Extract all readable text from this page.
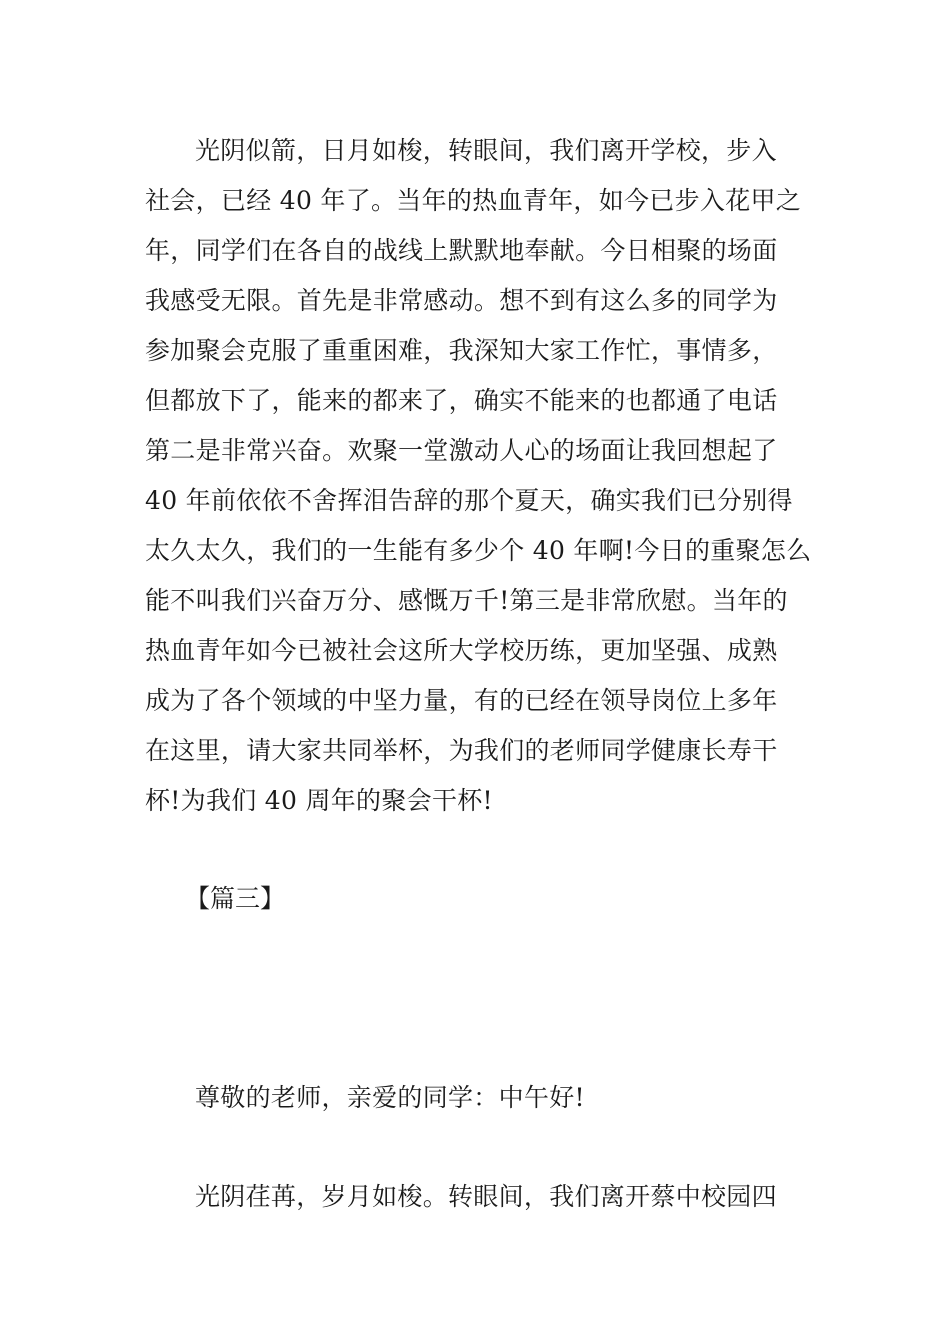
光阴似箭，日月如梭，转眼间，我们离开学校，步入
社会，已经 40 年了。当年的热血青年，如今已步入花甲之
年，同学们在各自的战线上默默地奉献。今日相聚的场面
我感受无限。首先是非常感动。想不到有这么多的同学为
参加聚会克服了重重困难，我深知大家工作忙，事情多，
但都放下了，能来的都来了，确实不能来的也都通了电话
第二是非常兴奋。欢聚一堂激动人心的场面让我回想起了
40 年前依依不舍挥泪告辞的那个夏天，确实我们已分别得
太久太久，我们的一生能有多少个 40 年啊!今日的重聚怎么
能不叫我们兴奋万分、感慨万千!第三是非常欣慰。当年的
热血青年如今已被社会这所大学校历练，更加坚强、成熟
成为了各个领域的中坚力量，有的已经在领导岗位上多年
在这里，请大家共同举杯，为我们的老师同学健康长寿干
杯!为我们 40 周年的聚会干杯!
【篇三】
尊敬的老师，亲爱的同学：中午好!
光阴荏苒，岁月如梭。转眼间，我们离开蔡中校园四
